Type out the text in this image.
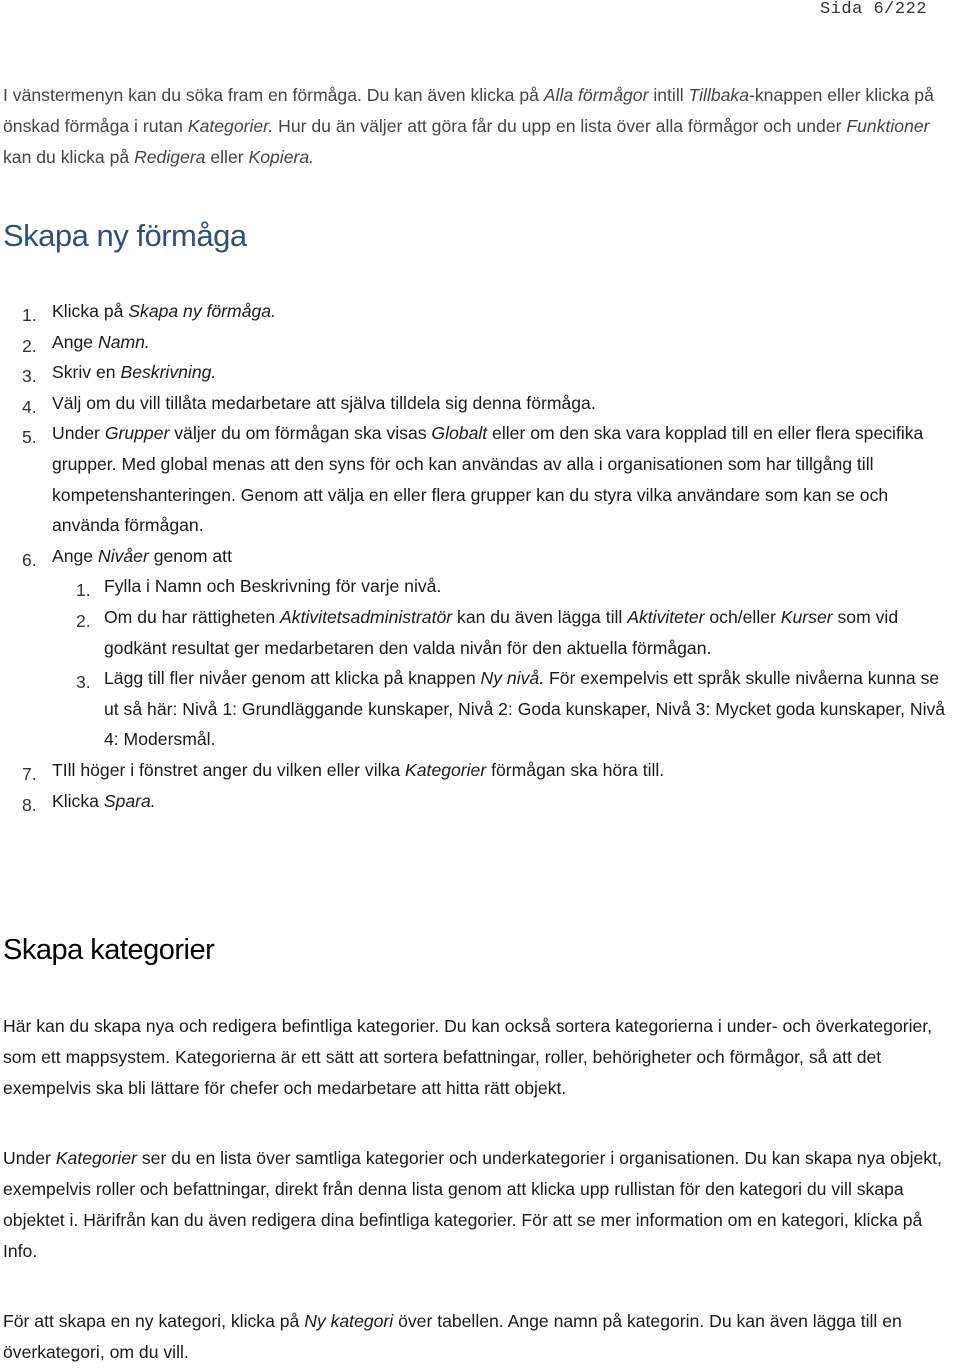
Sida 6/222

I vänstermenyn kan du söka fram en förmåga. Du kan även klicka på Alla förmågor intill Tillbaka-knappen eller klicka på önskad förmåga i rutan Kategorier. Hur du än väljer att göra får du upp en lista över alla förmågor och under Funktioner kan du klicka på Redigera eller Kopiera.

Skapa ny förmåga
1. Klicka på Skapa ny förmåga.
2. Ange Namn.
3. Skriv en Beskrivning.
4. Välj om du vill tillåta medarbetare att själva tilldela sig denna förmåga.
5. Under Grupper väljer du om förmågan ska visas Globalt eller om den ska vara kopplad till en eller flera specifika grupper. Med global menas att den syns för och kan användas av alla i organisationen som har tillgång till kompetenshanteringen. Genom att välja en eller flera grupper kan du styra vilka användare som kan se och använda förmågan.
6. Ange Nivåer genom att
1. Fylla i Namn och Beskrivning för varje nivå.
2. Om du har rättigheten Aktivitetsadministratör kan du även lägga till Aktiviteter och/eller Kurser som vid godkänt resultat ger medarbetaren den valda nivån för den aktuella förmågan.
3. Lägg till fler nivåer genom att klicka på knappen Ny nivå. För exempelvis ett språk skulle nivåerna kunna se ut så här: Nivå 1: Grundläggande kunskaper, Nivå 2: Goda kunskaper, Nivå 3: Mycket goda kunskaper, Nivå 4: Modersmål.
7. TIll höger i fönstret anger du vilken eller vilka Kategorier förmågan ska höra till.
8. Klicka Spara.
Skapa kategorier

Här kan du skapa nya och redigera befintliga kategorier. Du kan också sortera kategorierna i under- och överkategorier, som ett mappsystem. Kategorierna är ett sätt att sortera befattningar, roller, behörigheter och förmågor, så att det exempelvis ska bli lättare för chefer och medarbetare att hitta rätt objekt.

Under Kategorier ser du en lista över samtliga kategorier och underkategorier i organisationen. Du kan skapa nya objekt, exempelvis roller och befattningar, direkt från denna lista genom att klicka upp rullistan för den kategori du vill skapa objektet i. Härifrån kan du även redigera dina befintliga kategorier. För att se mer information om en kategori, klicka på Info.

För att skapa en ny kategori, klicka på Ny kategori över tabellen. Ange namn på kategorin. Du kan även lägga till en överkategori, om du vill.
